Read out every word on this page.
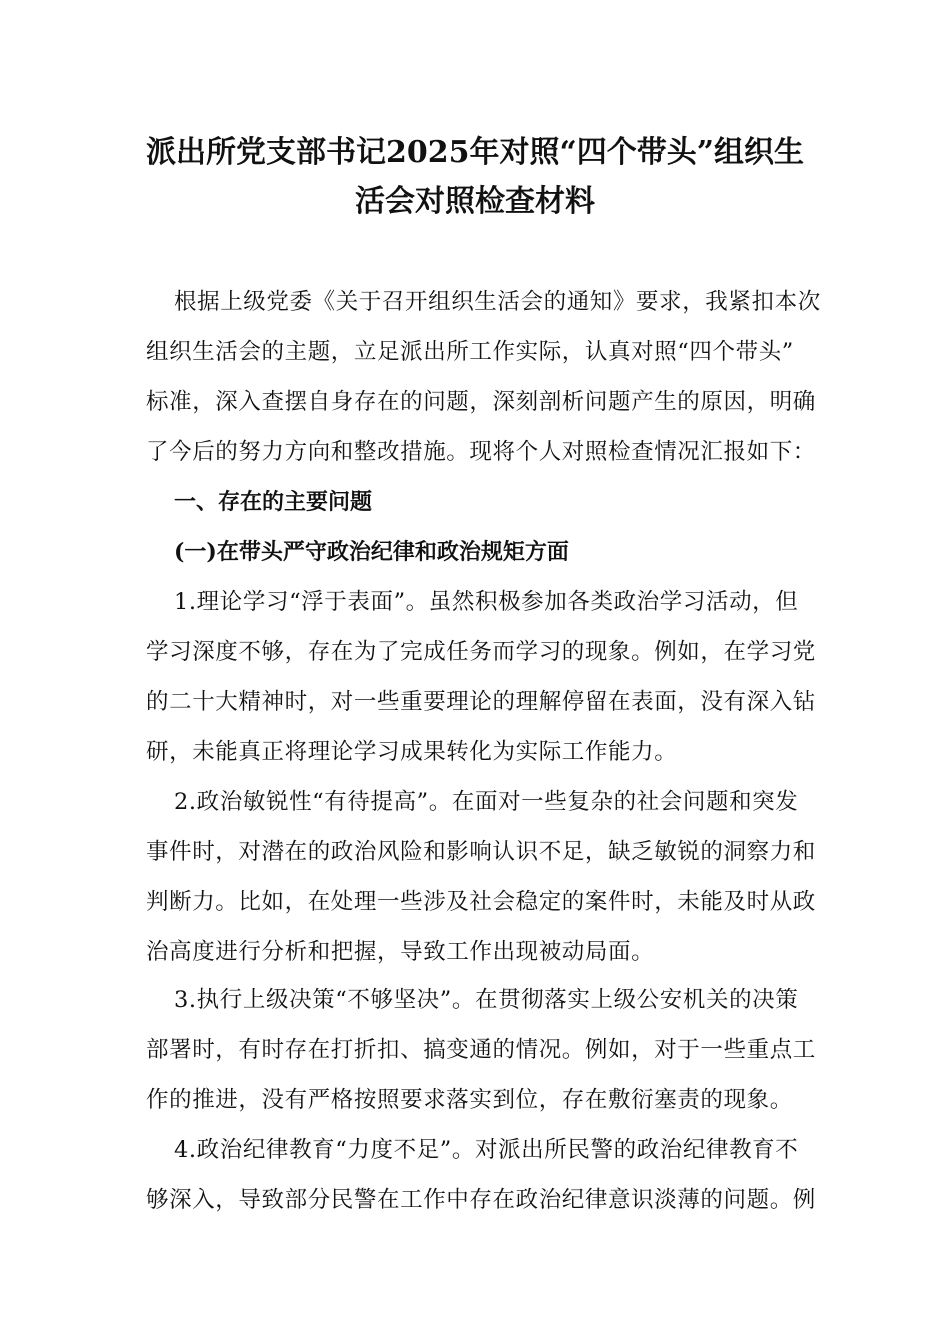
派出所党支部书记2025年对照“四个带头”组织生
活会对照检查材料
根据上级党委《关于召开组织生活会的通知》要求，我紧扣本次
组织生活会的主题，立足派出所工作实际，认真对照“四个带头”
标准，深入查摆自身存在的问题，深刻剖析问题产生的原因，明确
了今后的努力方向和整改措施。现将个人对照检查情况汇报如下：
一、存在的主要问题
(一)在带头严守政治纪律和政治规矩方面
1.理论学习“浮于表面”。虽然积极参加各类政治学习活动，但
学习深度不够，存在为了完成任务而学习的现象。例如，在学习党
的二十大精神时，对一些重要理论的理解停留在表面，没有深入钻
研，未能真正将理论学习成果转化为实际工作能力。
2.政治敏锐性“有待提高”。在面对一些复杂的社会问题和突发
事件时，对潜在的政治风险和影响认识不足，缺乏敏锐的洞察力和
判断力。比如，在处理一些涉及社会稳定的案件时，未能及时从政
治高度进行分析和把握，导致工作出现被动局面。
3.执行上级决策“不够坚决”。在贯彻落实上级公安机关的决策
部署时，有时存在打折扣、搞变通的情况。例如，对于一些重点工
作的推进，没有严格按照要求落实到位，存在敷衍塞责的现象。
4.政治纪律教育“力度不足”。对派出所民警的政治纪律教育不
够深入，导致部分民警在工作中存在政治纪律意识淡薄的问题。例
